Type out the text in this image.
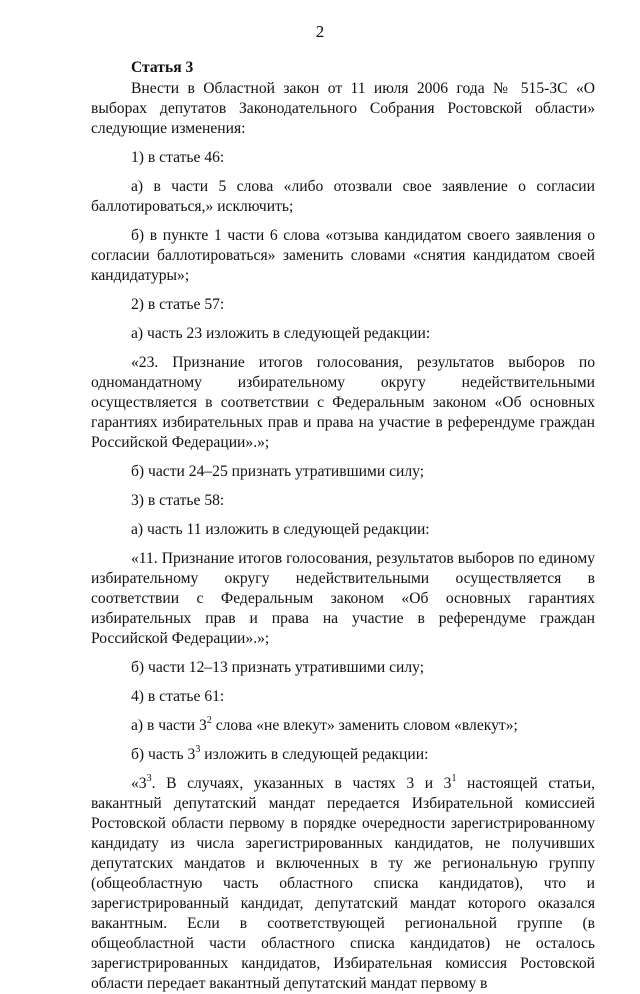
2

Статья 3

Внести в Областной закон от 11 июля 2006 года № 515-ЗС «О выборах депутатов Законодательного Собрания Ростовской области» следующие изменения:

1) в статье 46:

а) в части 5 слова «либо отозвали свое заявление о согласии баллотироваться,» исключить;

б) в пункте 1 части 6 слова «отзыва кандидатом своего заявления о согласии баллотироваться» заменить словами «снятия кандидатом своей кандидатуры»;

2) в статье 57:

а) часть 23 изложить в следующей редакции:

«23. Признание итогов голосования, результатов выборов по одномандатному избирательному округу недействительными осуществляется в соответствии с Федеральным законом «Об основных гарантиях избирательных прав и права на участие в референдуме граждан Российской Федерации».»;

б) части 24–25 признать утратившими силу;

3) в статье 58:

а) часть 11 изложить в следующей редакции:

«11. Признание итогов голосования, результатов выборов по единому избирательному округу недействительными осуществляется в соответствии с Федеральным законом «Об основных гарантиях избирательных прав и права на участие в референдуме граждан Российской Федерации».»;

б) части 12–13 признать утратившими силу;

4) в статье 61:

а) в части $3^2$ слова «не влекут» заменить словом «влекут»;

б) часть $3^3$ изложить в следующей редакции:

«$3^3$. В случаях, указанных в частях 3 и $3^1$ настоящей статьи, вакантный депутатский мандат передается Избирательной комиссией Ростовской области первому в порядке очередности зарегистрированному кандидату из числа зарегистрированных кандидатов, не получивших депутатских мандатов и включенных в ту же региональную группу (общеобластную часть областного списка кандидатов), что и зарегистрированный кандидат, депутатский мандат которого оказался вакантным. Если в соответствующей региональной группе (в общеобластной части областного списка кандидатов) не осталось зарегистрированных кандидатов, Избирательная комиссия Ростовской области передает вакантный депутатский мандат первому в
